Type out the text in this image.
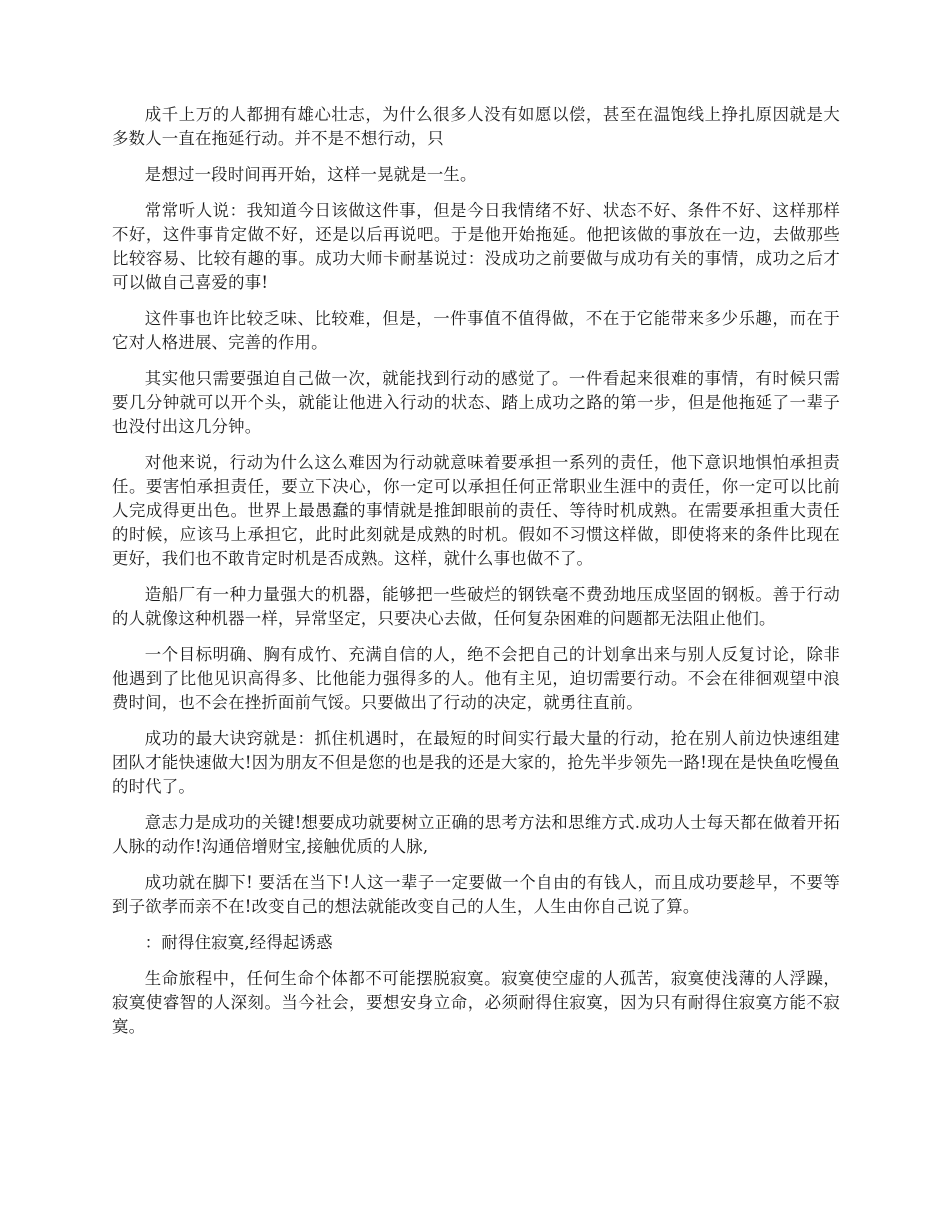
成千上万的人都拥有雄心壮志，为什么很多人没有如愿以偿，甚至在温饱线上挣扎原因就是大多数人一直在拖延行动。并不是不想行动，只

是想过一段时间再开始，这样一晃就是一生。

常常听人说：我知道今日该做这件事，但是今日我情绪不好、状态不好、条件不好、这样那样不好，这件事肯定做不好，还是以后再说吧。于是他开始拖延。他把该做的事放在一边，去做那些比较容易、比较有趣的事。成功大师卡耐基说过：没成功之前要做与成功有关的事情，成功之后才可以做自己喜爱的事!

这件事也许比较乏味、比较难，但是，一件事值不值得做，不在于它能带来多少乐趣，而在于它对人格进展、完善的作用。

其实他只需要强迫自己做一次，就能找到行动的感觉了。一件看起来很难的事情，有时候只需要几分钟就可以开个头，就能让他进入行动的状态、踏上成功之路的第一步，但是他拖延了一辈子也没付出这几分钟。

对他来说，行动为什么这么难因为行动就意味着要承担一系列的责任，他下意识地惧怕承担责任。要害怕承担责任，要立下决心，你一定可以承担任何正常职业生涯中的责任，你一定可以比前人完成得更出色。世界上最愚蠢的事情就是推卸眼前的责任、等待时机成熟。在需要承担重大责任的时候，应该马上承担它，此时此刻就是成熟的时机。假如不习惯这样做，即使将来的条件比现在更好，我们也不敢肯定时机是否成熟。这样，就什么事也做不了。

造船厂有一种力量强大的机器，能够把一些破烂的钢铁毫不费劲地压成坚固的钢板。善于行动的人就像这种机器一样，异常坚定，只要决心去做，任何复杂困难的问题都无法阻止他们。

一个目标明确、胸有成竹、充满自信的人，绝不会把自己的计划拿出来与别人反复讨论，除非他遇到了比他见识高得多、比他能力强得多的人。他有主见，迫切需要行动。不会在徘徊观望中浪费时间，也不会在挫折面前气馁。只要做出了行动的决定，就勇往直前。

成功的最大诀窍就是：抓住机遇时，在最短的时间实行最大量的行动，抢在别人前边快速组建团队才能快速做大!因为朋友不但是您的也是我的还是大家的，抢先半步领先一路!现在是快鱼吃慢鱼的时代了。

意志力是成功的关键!想要成功就要树立正确的思考方法和思维方式.成功人士每天都在做着开拓人脉的动作!沟通倍增财宝,接触优质的人脉,

成功就在脚下! 要活在当下!人这一辈子一定要做一个自由的有钱人，而且成功要趁早，不要等到子欲孝而亲不在!改变自己的想法就能改变自己的人生，人生由你自己说了算。

：耐得住寂寞,经得起诱惑

生命旅程中，任何生命个体都不可能摆脱寂寞。寂寞使空虚的人孤苦，寂寞使浅薄的人浮躁，寂寞使睿智的人深刻。当今社会，要想安身立命，必须耐得住寂寞，因为只有耐得住寂寞方能不寂寞。
